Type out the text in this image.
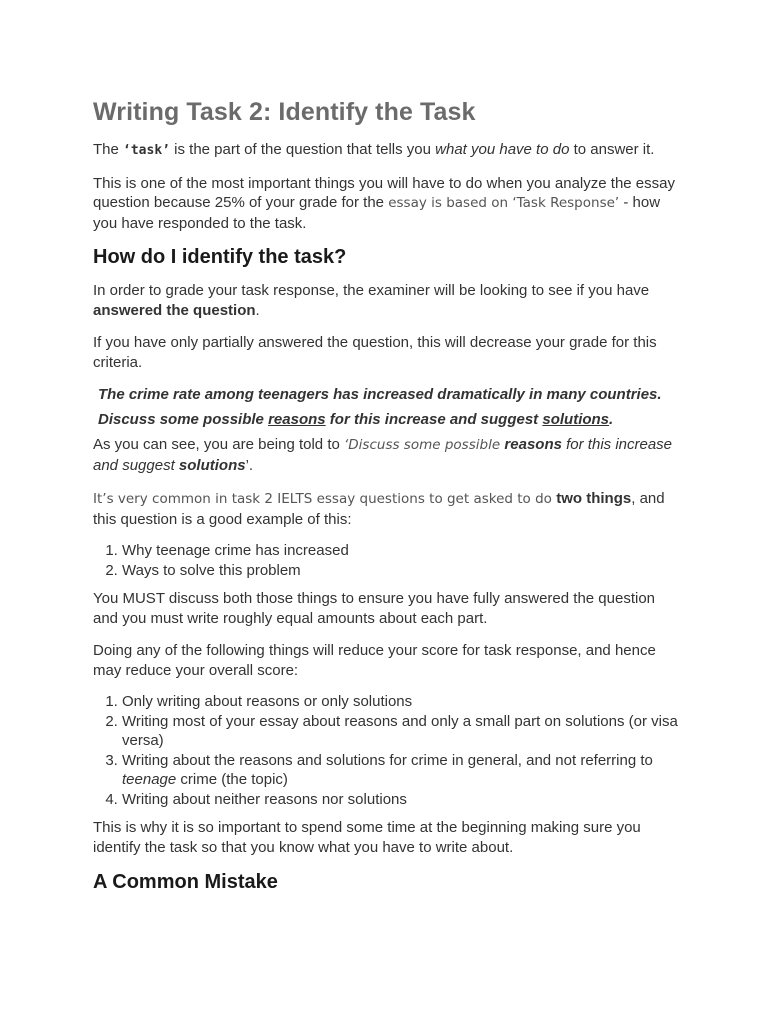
Writing Task 2: Identify the Task

The ‘task’ is the part of the question that tells you what you have to do to answer it.

This is one of the most important things you will have to do when you analyze the essay question because 25% of your grade for the essay is based on ‘Task Response’ - how you have responded to the task.

How do I identify the task?

In order to grade your task response, the examiner will be looking to see if you have answered the question.

If you have only partially answered the question, this will decrease your grade for this criteria.

The crime rate among teenagers has increased dramatically in many countries.

Discuss some possible reasons for this increase and suggest solutions.

As you can see, you are being told to ‘Discuss some possible reasons for this increase and suggest solutions’.

It’s very common in task 2 IELTS essay questions to get asked to do two things, and this question is a good example of this:

1. Why teenage crime has increased
2. Ways to solve this problem

You MUST discuss both those things to ensure you have fully answered the question and you must write roughly equal amounts about each part.

Doing any of the following things will reduce your score for task response, and hence may reduce your overall score:

1. Only writing about reasons or only solutions
2. Writing most of your essay about reasons and only a small part on solutions (or visa versa)
3. Writing about the reasons and solutions for crime in general, and not referring to teenage crime (the topic)
4. Writing about neither reasons nor solutions

This is why it is so important to spend some time at the beginning making sure you identify the task so that you know what you have to write about.

A Common Mistake
